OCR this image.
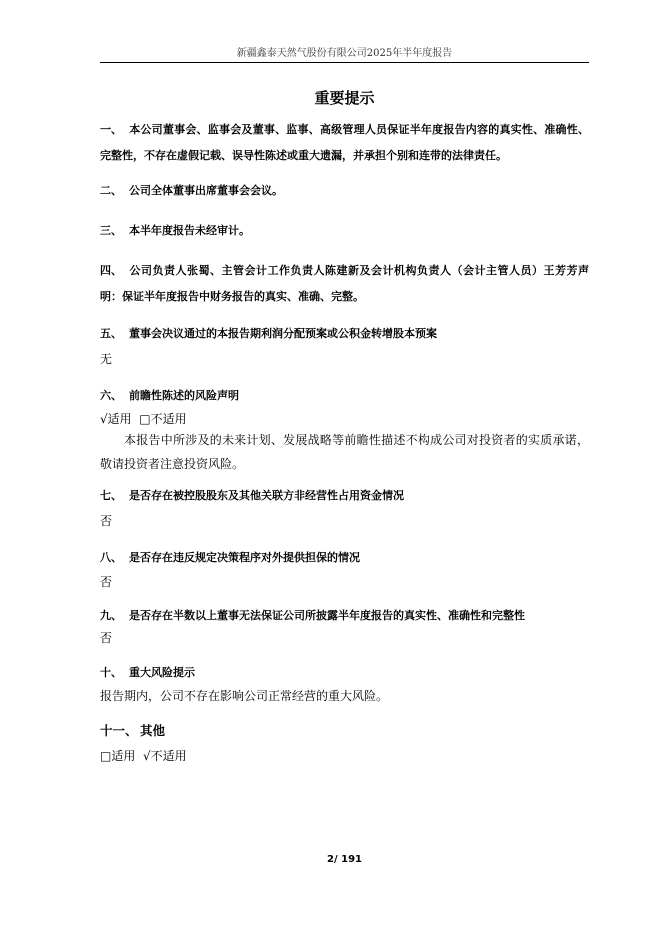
新疆鑫泰天然气股份有限公司2025年半年度报告
重要提示
一、 本公司董事会、监事会及董事、监事、高级管理人员保证半年度报告内容的真实性、准确性、完整性，不存在虚假记载、误导性陈述或重大遗漏，并承担个别和连带的法律责任。
二、 公司全体董事出席董事会会议。
三、 本半年度报告未经审计。
四、 公司负责人张蜀、主管会计工作负责人陈建新及会计机构负责人（会计主管人员）王芳芳声明：保证半年度报告中财务报告的真实、准确、完整。
五、 董事会决议通过的本报告期利润分配预案或公积金转增股本预案
无
六、 前瞻性陈述的风险声明
√适用  □不适用
本报告中所涉及的未来计划、发展战略等前瞻性描述不构成公司对投资者的实质承诺，敬请投资者注意投资风险。
七、 是否存在被控股股东及其他关联方非经营性占用资金情况
否
八、 是否存在违反规定决策程序对外提供担保的情况
否
九、 是否存在半数以上董事无法保证公司所披露半年度报告的真实性、准确性和完整性
否
十、 重大风险提示
报告期内，公司不存在影响公司正常经营的重大风险。
十一、 其他
□适用  √不适用
2/ 191
